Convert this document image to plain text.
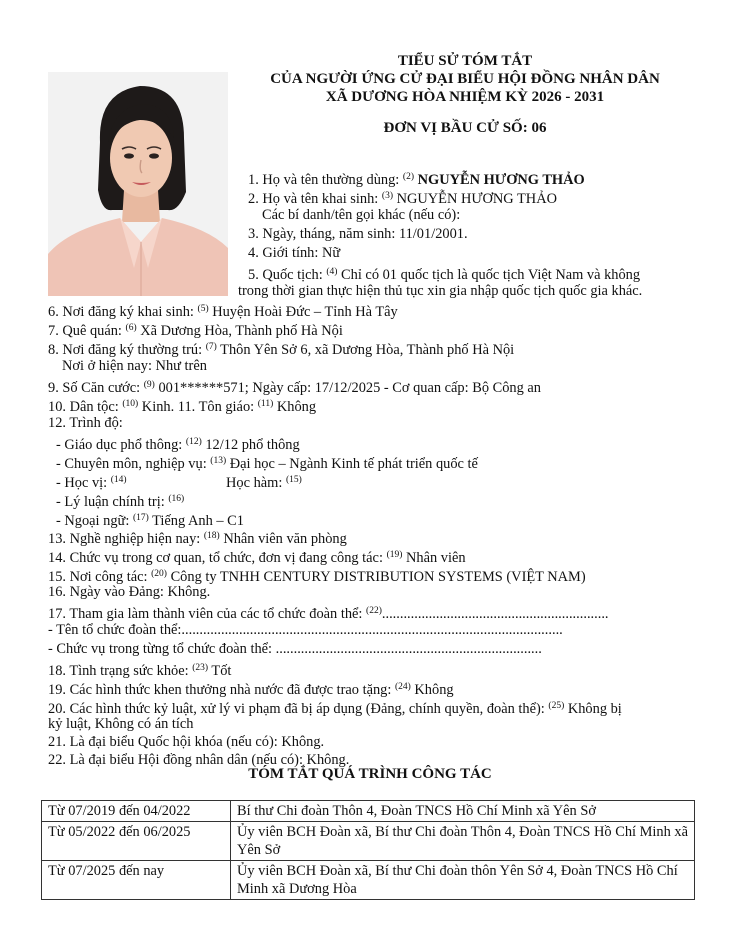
TIỂU SỬ TÓM TẮT
CỦA NGƯỜI ỨNG CỬ ĐẠI BIỂU HỘI ĐỒNG NHÂN DÂN
XÃ DƯƠNG HÒA NHIỆM KỲ 2026 - 2031
ĐƠN VỊ BẦU CỬ SỐ: 06
1. Họ và tên thường dùng: $^{(2)}$ NGUYỄN HƯƠNG THẢO
2. Họ và tên khai sinh: $^{(3)}$ NGUYỄN HƯƠNG THẢO
Các bí danh/tên gọi khác (nếu có):
3. Ngày, tháng, năm sinh: 11/01/2001.
4. Giới tính: Nữ
5. Quốc tịch: $^{(4)}$ Chỉ có 01 quốc tịch là quốc tịch Việt Nam và không
trong thời gian thực hiện thủ tục xin gia nhập quốc tịch quốc gia khác.
6. Nơi đăng ký khai sinh: $^{(5)}$ Huyện Hoài Đức – Tỉnh Hà Tây
7. Quê quán: $^{(6)}$ Xã Dương Hòa, Thành phố Hà Nội
8. Nơi đăng ký thường trú: $^{(7)}$ Thôn Yên Sở 6, xã Dương Hòa, Thành phố Hà Nội
Nơi ở hiện nay: Như trên
9. Số Căn cước: $^{(9)}$ 001******571; Ngày cấp: 17/12/2025 - Cơ quan cấp: Bộ Công an
10. Dân tộc: $^{(10)}$ Kinh. 11. Tôn giáo: $^{(11)}$ Không
12. Trình độ:
- Giáo dục phổ thông: $^{(12)}$ 12/12 phổ thông
- Chuyên môn, nghiệp vụ: $^{(13)}$ Đại học – Ngành Kinh tế phát triển quốc tế
- Học vị: $^{(14)}$	Học hàm: $^{(15)}$
- Lý luận chính trị: $^{(16)}$
- Ngoại ngữ: $^{(17)}$ Tiếng Anh – C1
13. Nghề nghiệp hiện nay: $^{(18)}$ Nhân viên văn phòng
14. Chức vụ trong cơ quan, tổ chức, đơn vị đang công tác: $^{(19)}$ Nhân viên
15. Nơi công tác: $^{(20)}$ Công ty TNHH CENTURY DISTRIBUTION SYSTEMS (VIỆT NAM)
16. Ngày vào Đảng: Không.
17. Tham gia làm thành viên của các tổ chức đoàn thể: $^{(22)}$...............................................................
- Tên tổ chức đoàn thể:..........................................................................................................
- Chức vụ trong từng tổ chức đoàn thể: ..........................................................................
18. Tình trạng sức khỏe: $^{(23)}$ Tốt
19. Các hình thức khen thưởng nhà nước đã được trao tặng: $^{(24)}$ Không
20. Các hình thức kỷ luật, xử lý vi phạm đã bị áp dụng (Đảng, chính quyền, đoàn thể): $^{(25)}$ Không bị
kỷ luật, Không có án tích
21. Là đại biểu Quốc hội khóa (nếu có): Không.
22. Là đại biểu Hội đồng nhân dân (nếu có): Không.
TÓM TẮT QUÁ TRÌNH CÔNG TÁC
Từ 07/2019 đến 04/2022	Bí thư Chi đoàn Thôn 4, Đoàn TNCS Hồ Chí Minh xã Yên Sở
Từ 05/2022 đến 06/2025	Ủy viên BCH Đoàn xã, Bí thư Chi đoàn Thôn 4, Đoàn TNCS Hồ Chí Minh xã Yên Sở
Từ 07/2025 đến nay	Ủy viên BCH Đoàn xã, Bí thư Chi đoàn thôn Yên Sở 4, Đoàn TNCS Hồ Chí Minh xã Dương Hòa
